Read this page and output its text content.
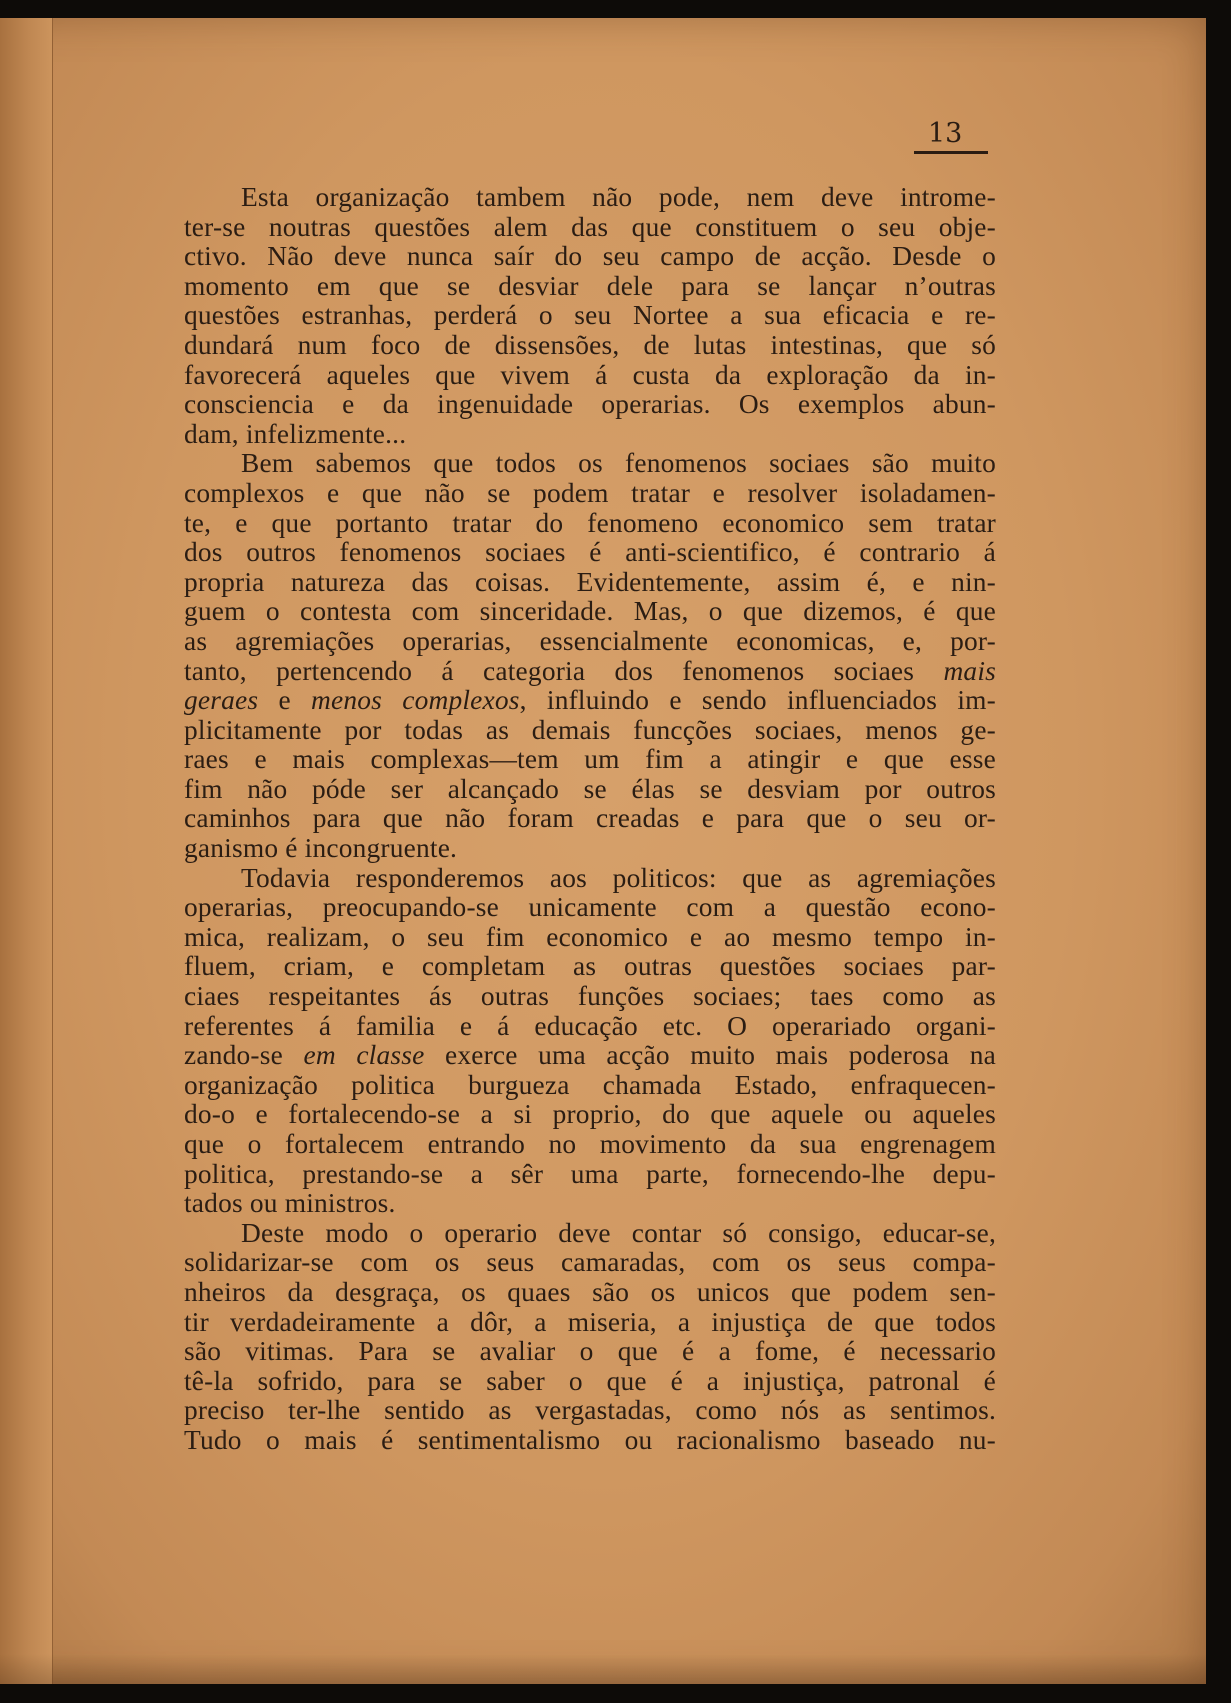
13
Esta organização tambem não pode, nem deve introme-
ter-se noutras questões alem das que constituem o seu obje-
ctivo. Não deve nunca saír do seu campo de acção. Desde o
momento em que se desviar dele para se lançar n’outras
questões estranhas, perderá o seu Nortee a sua eficacia e re-
dundará num foco de dissensões, de lutas intestinas, que só
favorecerá aqueles que vivem á custa da exploração da in-
consciencia e da ingenuidade operarias. Os exemplos abun-
dam, infelizmente...
Bem sabemos que todos os fenomenos sociaes são muito
complexos e que não se podem tratar e resolver isoladamen-
te, e que portanto tratar do fenomeno economico sem tratar
dos outros fenomenos sociaes é anti-scientifico, é contrario á
propria natureza das coisas. Evidentemente, assim é, e nin-
guem o contesta com sinceridade. Mas, o que dizemos, é que
as agremiações operarias, essencialmente economicas, e, por-
tanto, pertencendo á categoria dos fenomenos sociaes mais
geraes e menos complexos, influindo e sendo influenciados im-
plicitamente por todas as demais funcções sociaes, menos ge-
raes e mais complexas—tem um fim a atingir e que esse
fim não póde ser alcançado se élas se desviam por outros
caminhos para que não foram creadas e para que o seu or-
ganismo é incongruente.
Todavia responderemos aos politicos: que as agremiações
operarias, preocupando-se unicamente com a questão econo-
mica, realizam, o seu fim economico e ao mesmo tempo in-
fluem, criam, e completam as outras questões sociaes par-
ciaes respeitantes ás outras funções sociaes; taes como as
referentes á familia e á educação etc. O operariado organi-
zando-se em classe exerce uma acção muito mais poderosa na
organização politica burgueza chamada Estado, enfraquecen-
do-o e fortalecendo-se a si proprio, do que aquele ou aqueles
que o fortalecem entrando no movimento da sua engrenagem
politica, prestando-se a sêr uma parte, fornecendo-lhe depu-
tados ou ministros.
Deste modo o operario deve contar só consigo, educar-se,
solidarizar-se com os seus camaradas, com os seus compa-
nheiros da desgraça, os quaes são os unicos que podem sen-
tir verdadeiramente a dôr, a miseria, a injustiça de que todos
são vitimas. Para se avaliar o que é a fome, é necessario
tê-la sofrido, para se saber o que é a injustiça, patronal é
preciso ter-lhe sentido as vergastadas, como nós as sentimos.
Tudo o mais é sentimentalismo ou racionalismo baseado nu-
